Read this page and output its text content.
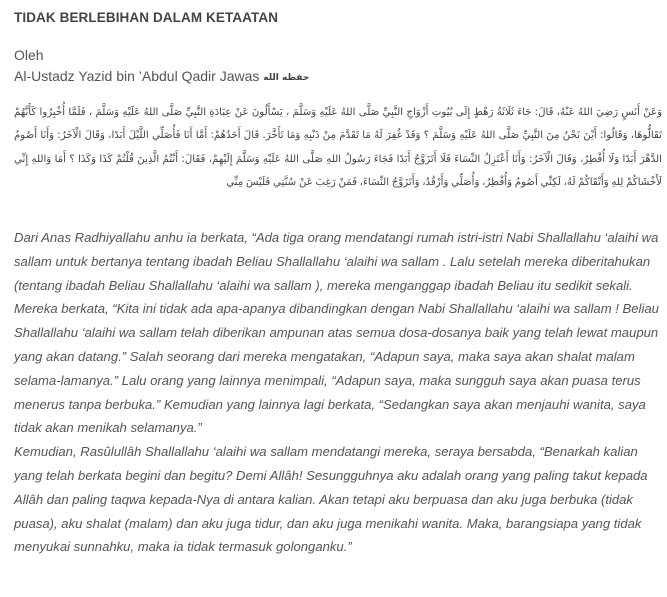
TIDAK BERLEBIHAN DALAM KETAATAN
Oleh
Al-Ustadz Yazid bin ’Abdul Qadir Jawas حفظه الله
وَعَنْ أَنَسٍ رَضِيَ اللهُ عَنْهُ، قَالَ: جَاءَ ثَلَاثَةُ رَهْطٍ إِلَى بُيُوتِ أَزْوَاجِ النَّبِيِّ صَلَّى اللهُ عَلَيْهِ وَسَلَّمَ ، يَسْأَلُونَ عَنْ عِبَادَةِ النَّبِيِّ صَلَّى اللهُ عَلَيْهِ وَسَلَّمَ ، فَلَمَّا أُخْبِرُوا كَأَنَّهُمْ تَقَالُّوهَا، وَقَالُوا: أَيْنَ نَحْنُ مِنَ النَّبِيِّ صَلَّى اللهُ عَلَيْهِ وَسَلَّمَ ؟ وَقَدْ غُفِرَ لَهُ مَا تَقَدَّمَ مِنْ ذَنْبِهِ وَمَا تَأَخَّرَ. قَالَ أَحَدُهُمْ: أَمَّا أَنَا فَأُصَلِّي اللَّيْلَ أَبَدًا، وَقَالَ الْآخَرُ: وَأَنَا أَصُومُ الدَّهْرَ أَبَدًا وَلَا أُفْطِرُ، وَقَالَ الْآخَرُ: وَأَنَا أَعْتَزِلُ النِّسَاءَ فَلَا أَتَزَوَّجُ أَبَدًا فَجَاءَ رَسُولُ اللهِ صَلَّى اللهُ عَلَيْهِ وَسَلَّمَ إِلَيْهِمْ، فَقَالَ: أَنْتُمُ الَّذِينَ قُلْتُمْ كَذَا وَكَذَا ؟ أَمَا وَاللهِ إِنِّي لَأَخْشَاكُمْ لِلهِ وَأَتْقَاكُمْ لَهُ، لَكِنِّي أَصُومُ وَأُفْطِرُ، وَأُصَلِّي وَأَرْقُدُ، وَأَتَزَوَّجُ النِّسَاءَ، فَمَنْ رَغِبَ عَنْ سُنَّتِي فَلَيْسَ مِنِّي

Dari Anas Radhiyallahu anhu ia berkata, “Ada tiga orang mendatangi rumah istri-istri Nabi Shallallahu ‘alaihi wa sallam untuk bertanya tentang ibadah Beliau Shallallahu ‘alaihi wa sallam . Lalu setelah mereka diberitahukan (tentang ibadah Beliau Shallallahu ‘alaihi wa sallam ), mereka menganggap ibadah Beliau itu sedikit sekali. Mereka berkata, “Kita ini tidak ada apa-apanya dibandingkan dengan Nabi Shallallahu ‘alaihi wa sallam ! Beliau Shallallahu ‘alaihi wa sallam telah diberikan ampunan atas semua dosa-dosanya baik yang telah lewat maupun yang akan datang.” Salah seorang dari mereka mengatakan, “Adapun saya, maka saya akan shalat malam selama-lamanya.” Lalu orang yang lainnya menimpali, “Adapun saya, maka sungguh saya akan puasa terus menerus tanpa berbuka.” Kemudian yang lainnya lagi berkata, “Sedangkan saya akan menjauhi wanita, saya tidak akan menikah selamanya.”

Kemudian, Rasûlullâh Shallallahu ‘alaihi wa sallam mendatangi mereka, seraya bersabda, “Benarkah kalian yang telah berkata begini dan begitu? Demi Allâh! Sesungguhnya aku adalah orang yang paling takut kepada Allâh dan paling taqwa kepada-Nya di antara kalian. Akan tetapi aku berpuasa dan aku juga berbuka (tidak puasa), aku shalat (malam) dan aku juga tidur, dan aku juga menikahi wanita. Maka, barangsiapa yang tidak menyukai sunnahku, maka ia tidak termasuk golonganku.”
